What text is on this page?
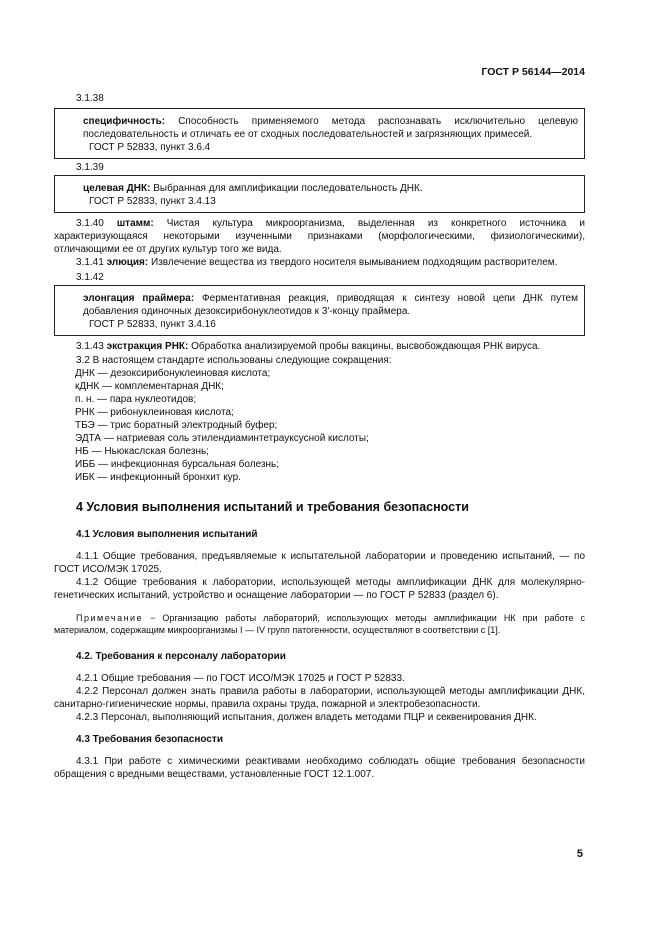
ГОСТ Р 56144—2014

3.1.38

специфичность: Способность применяемого метода распознавать исключительно целевую последовательность и отличать ее от сходных последовательностей и загрязняющих примесей.

ГОСТ Р 52833, пункт 3.6.4

3.1.39

целевая ДНК: Выбранная для амплификации последовательность ДНК.

ГОСТ Р 52833, пункт 3.4.13

3.1.40 штамм: Чистая культура микроорганизма, выделенная из конкретного источника и характеризующаяся некоторыми изученными признаками (морфологическими, физиологическими), отличающими ее от других культур того же вида.

3.1.41 элюция: Извлечение вещества из твердого носителя вымыванием подходящим растворителем.

3.1.42

элонгация праймера: Ферментативная реакция, приводящая к синтезу новой цепи ДНК путем добавления одиночных дезоксирибонуклеотидов к 3'-концу праймера.

ГОСТ Р 52833, пункт 3.4.16

3.1.43 экстракция РНК: Обработка анализируемой пробы вакцины, высвобождающая РНК вируса.

3.2 В настоящем стандарте использованы следующие сокращения:

ДНК — дезоксирибонуклеиновая кислота;

кДНК — комплементарная ДНК;

п. н. — пара нуклеотидов;

РНК — рибонуклеиновая кислота;

ТБЭ — трис боратный электродный буфер;

ЭДТА — натриевая соль этилендиаминтетрауксусной кислоты;

НБ — Ньюкаслская болезнь;

ИББ — инфекционная бурсальная болезнь;

ИБК — инфекционный бронхит кур.

4 Условия выполнения испытаний и требования безопасности
4.1 Условия выполнения испытаний

4.1.1 Общие требования, предъявляемые к испытательной лаборатории и проведению испытаний, — по ГОСТ ИСО/МЭК 17025.

4.1.2 Общие требования к лаборатории, использующей методы амплификации ДНК для молекулярно-генетических испытаний, устройство и оснащение лаборатории — по ГОСТ Р 52833 (раздел 6).

Примечание − Организацию работы лабораторий, использующих методы амплификации НК при работе с материалом, содержащим микроорганизмы I — IV групп патогенности, осуществляют в соответствии с [1].

4.2. Требования к персоналу лаборатории

4.2.1 Общие требования — по ГОСТ ИСО/МЭК 17025 и ГОСТ Р 52833.

4.2.2 Персонал должен знать правила работы в лаборатории, использующей методы амплификации ДНК, санитарно-гигиенические нормы, правила охраны труда, пожарной и электробезопасности.

4.2.3 Персонал, выполняющий испытания, должен владеть методами ПЦР и секвенирования ДНК.

4.3 Требования безопасности

4.3.1 При работе с химическими реактивами необходимо соблюдать общие требования безопасности обращения с вредными веществами, установленные ГОСТ 12.1.007.

5
